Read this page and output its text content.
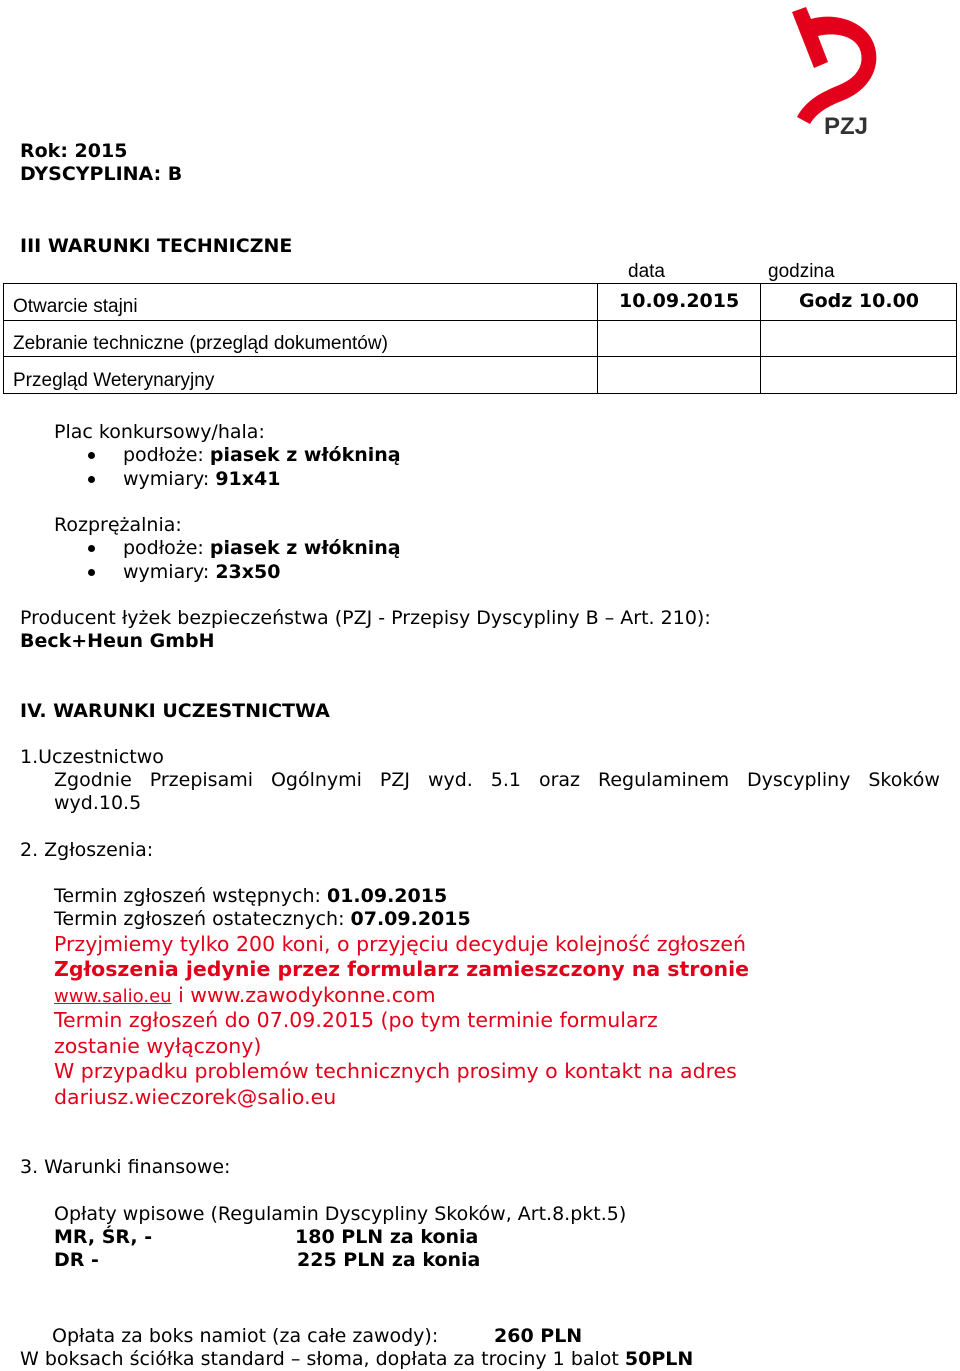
PZJ
Rok: 2015
DYSCYPLINA: B
III WARUNKI TECHNICZNE
data	godzina
Otwarcie stajni	10.09.2015	Godz 10.00
Zebranie techniczne (przegląd dokumentów)
Przegląd Weterynaryjny
Plac konkursowy/hala:
podłoże: piasek z włókniną
wymiary: 91x41
Rozprężalnia:
podłoże: piasek z włókniną
wymiary: 23x50
Producent łyżek bezpieczeństwa (PZJ - Przepisy Dyscypliny B – Art. 210):
Beck+Heun GmbH
IV. WARUNKI UCZESTNICTWA
1.Uczestnictwo
Zgodnie Przepisami Ogólnymi PZJ wyd. 5.1 oraz Regulaminem Dyscypliny Skoków
wyd.10.5
2. Zgłoszenia:
Termin zgłoszeń wstępnych: 01.09.2015
Termin zgłoszeń ostatecznych: 07.09.2015
Przyjmiemy tylko 200 koni, o przyjęciu decyduje kolejność zgłoszeń
Zgłoszenia jedynie przez formularz zamieszczony na stronie
www.salio.eu i www.zawodykonne.com
Termin zgłoszeń do 07.09.2015 (po tym terminie formularz
zostanie wyłączony)
W przypadku problemów technicznych prosimy o kontakt na adres
dariusz.wieczorek@salio.eu
3. Warunki finansowe:
Opłaty wpisowe (Regulamin Dyscypliny Skoków, Art.8.pkt.5)
MR, ŚR, -	180 PLN za konia
DR -	225 PLN za konia
Opłata za boks namiot (za całe zawody):	260 PLN
W boksach ściółka standard – słoma, dopłata za trociny 1 balot 50PLN
